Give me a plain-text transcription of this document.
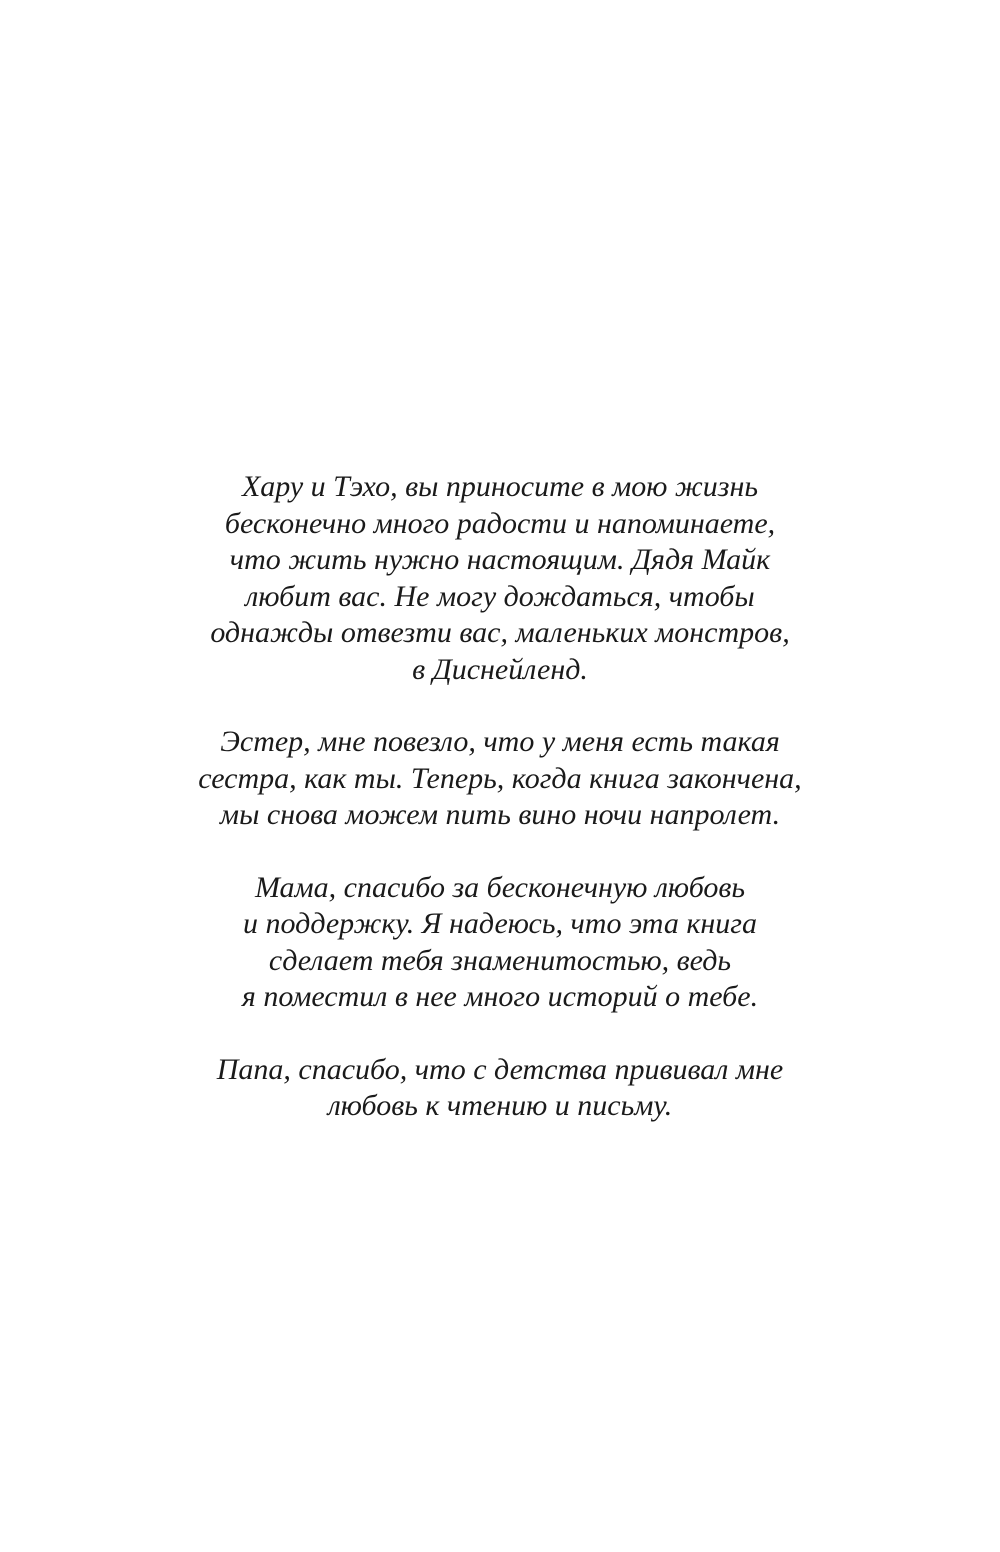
Хару и Тэхо, вы приносите в мою жизнь
бесконечно много радости и напоминаете,
что жить нужно настоящим. Дядя Майк
любит вас. Не могу дождаться, чтобы
однажды отвезти вас, маленьких монстров,
в Диснейленд.

Эстер, мне повезло, что у меня есть такая
сестра, как ты. Теперь, когда книга закончена,
мы снова можем пить вино ночи напролет.

Мама, спасибо за бесконечную любовь
и поддержку. Я надеюсь, что эта книга
сделает тебя знаменитостью, ведь
я поместил в нее много историй о тебе.

Папа, спасибо, что с детства прививал мне
любовь к чтению и письму.
